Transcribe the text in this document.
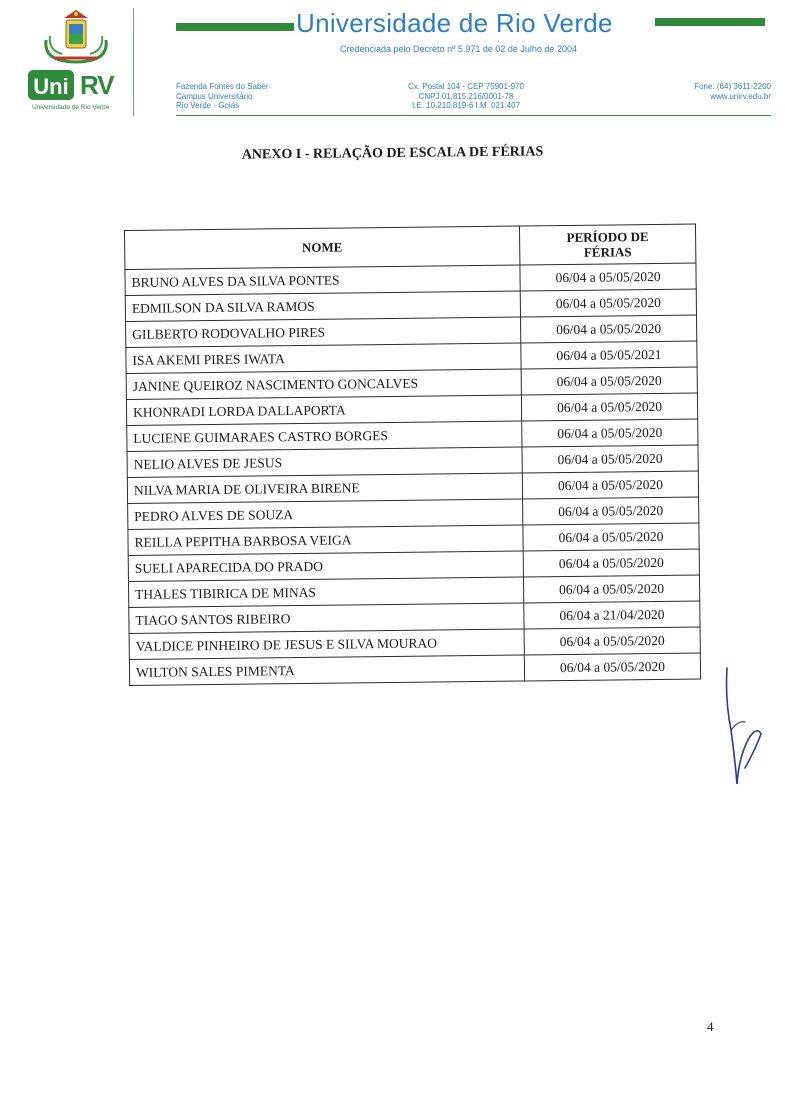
Uni RV
Universidade de Rio Verde
Universidade de Rio Verde
Credenciada pelo Decreto nº 5.971 de 02 de Julho de 2004
Fazenda Fontes do Saber
Campus Universitário
Rio Verde - Goiás
Cx. Postal 104 - CEP 75901-970
CNPJ 01.815.216/0001-78
I.E. 10.210.819-6 I.M. 021.407
Fone: (64) 3611-2200
www.unirv.edu.br
ANEXO I - RELAÇÃO DE ESCALA DE FÉRIAS
NOME	PERÍODO DE
FÉRIAS
BRUNO ALVES DA SILVA PONTES	06/04 a 05/05/2020
EDMILSON DA SILVA RAMOS	06/04 a 05/05/2020
GILBERTO RODOVALHO PIRES	06/04 a 05/05/2020
ISA AKEMI PIRES IWATA	06/04 a 05/05/2021
JANINE QUEIROZ NASCIMENTO GONCALVES	06/04 a 05/05/2020
KHONRADI LORDA DALLAPORTA	06/04 a 05/05/2020
LUCIENE GUIMARAES CASTRO BORGES	06/04 a 05/05/2020
NELIO ALVES DE JESUS	06/04 a 05/05/2020
NILVA MARIA DE OLIVEIRA BIRENE	06/04 a 05/05/2020
PEDRO ALVES DE SOUZA	06/04 a 05/05/2020
REILLA PEPITHA BARBOSA VEIGA	06/04 a 05/05/2020
SUELI APARECIDA DO PRADO	06/04 a 05/05/2020
THALES TIBIRICA DE MINAS	06/04 a 05/05/2020
TIAGO SANTOS RIBEIRO	06/04 a 21/04/2020
VALDICE PINHEIRO DE JESUS E SILVA MOURAO	06/04 a 05/05/2020
WILTON SALES PIMENTA	06/04 a 05/05/2020
4
